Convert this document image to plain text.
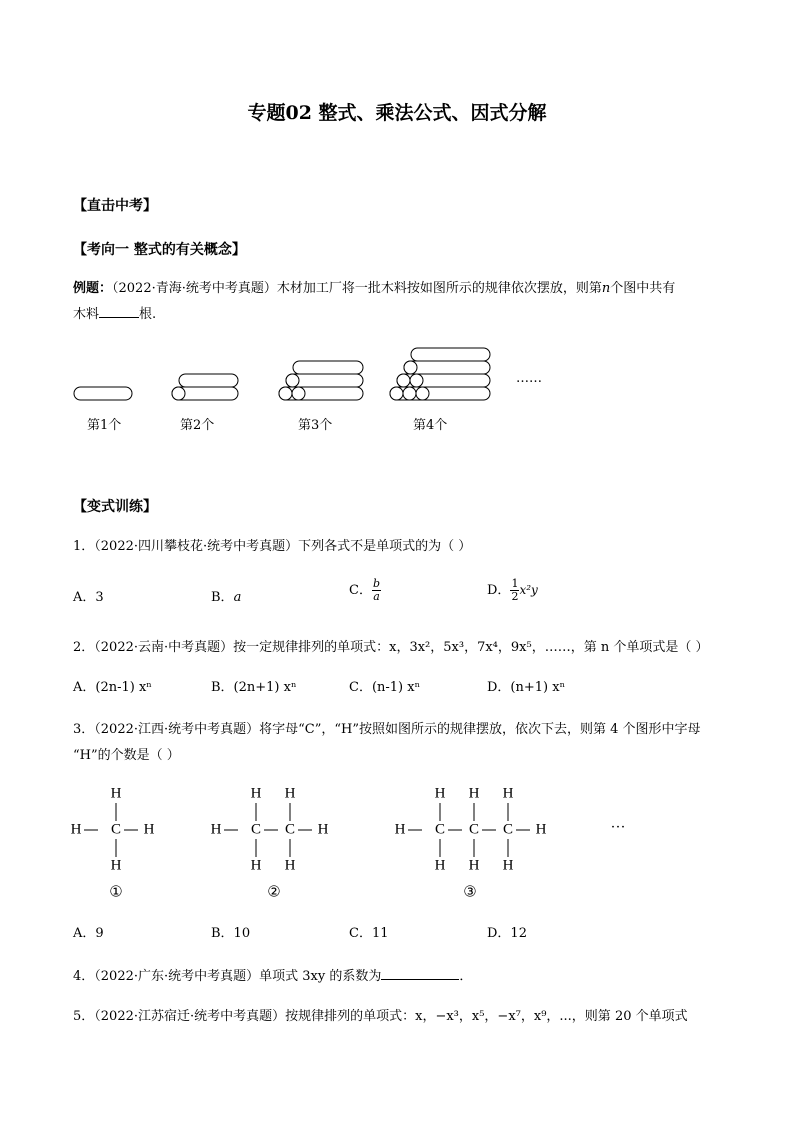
专题02 整式、乘法公式、因式分解
【直击中考】
【考向一 整式的有关概念】
例题：（2022·青海·统考中考真题）木材加工厂将一批木料按如图所示的规律依次摆放，则第n个图中共有
木料	根.
……
第1个	第2个	第3个	第4个
【变式训练】
1．（2022·四川攀枝花·统考中考真题）下列各式不是单项式的为（ ）
A．3	B．a	C． $\frac{b}{a}$	D． $\frac{1}{2} x^2y$
2．（2022·云南·中考真题）按一定规律排列的单项式：x，3x²，5x³，7x⁴，9x⁵，……，第 n 个单项式是（ ）
A．(2n-1) xⁿ	B．(2n+1) xⁿ	C．(n-1) xⁿ	D．(n+1) xⁿ
3．（2022·江西·统考中考真题）将字母“C”，“H”按照如图所示的规律摆放，依次下去，则第 4 个图形中字母
“H”的个数是（ ）
H C
H
H
H
①
H C
H
H
C
H
H
H
②
H C
H
H
C
H
H
C
H
H
H
③
···
A．9	B．10	C．11	D．12
4．（2022·广东·统考中考真题）单项式 3xy 的系数为	．
5．（2022·江苏宿迁·统考中考真题）按规律排列的单项式：x，−x³，x⁵，−x⁷，x⁹，...，则第 20 个单项式
